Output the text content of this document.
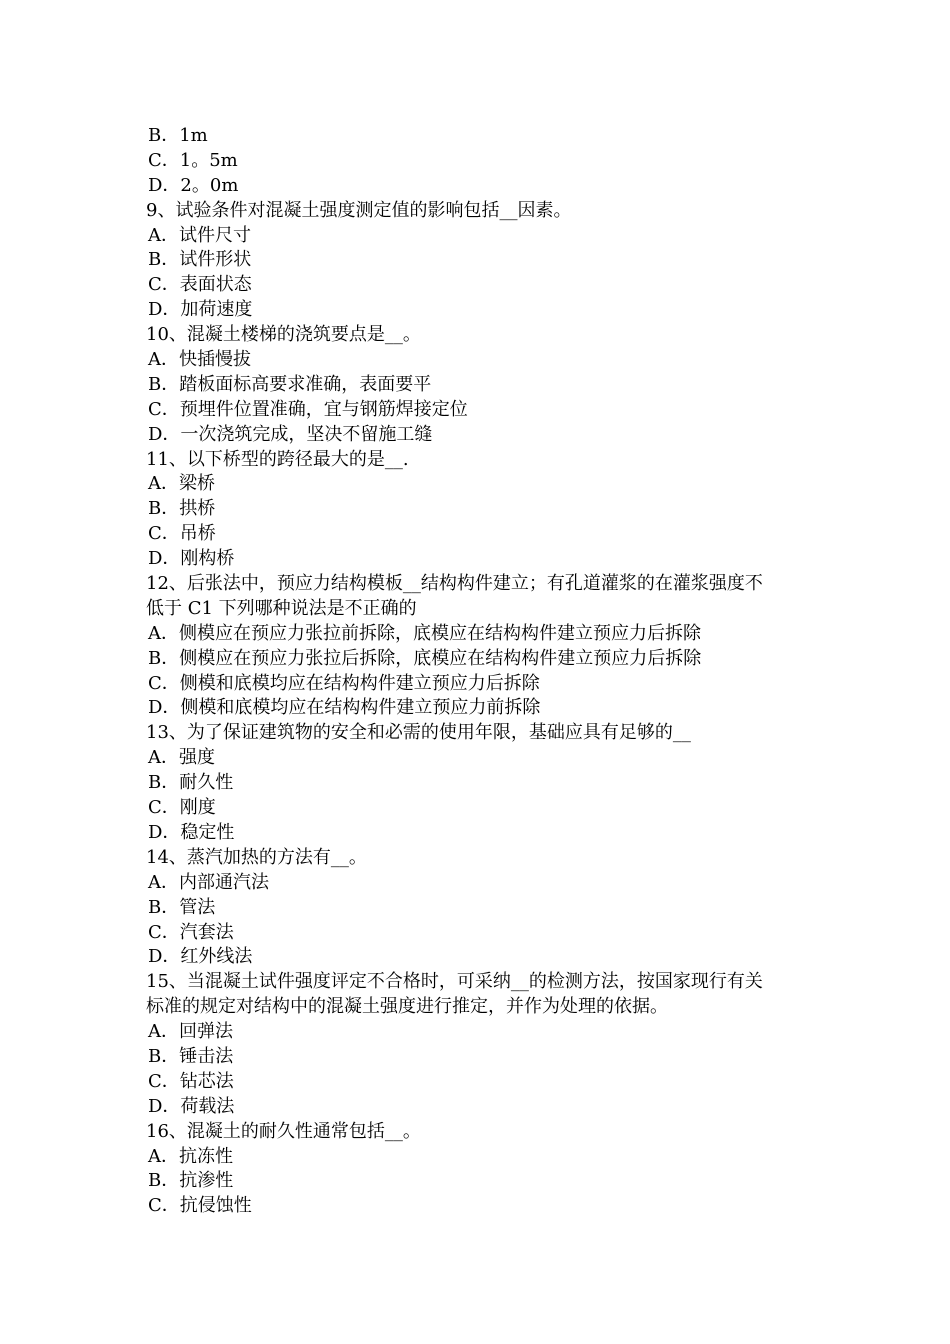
B．1m
C．1。5m
D．2。0m
9、试验条件对混凝土强度测定值的影响包括__因素。
A．试件尺寸
B．试件形状
C．表面状态
D．加荷速度
10、混凝土楼梯的浇筑要点是__。
A．快插慢拔
B．踏板面标高要求准确，表面要平
C．预埋件位置准确，宜与钢筋焊接定位
D．一次浇筑完成，坚决不留施工缝
11、以下桥型的跨径最大的是__.
A．梁桥
B．拱桥
C．吊桥
D．刚构桥
12、后张法中，预应力结构模板__结构构件建立；有孔道灌浆的在灌浆强度不
低于 C1 下列哪种说法是不正确的
A．侧模应在预应力张拉前拆除，底模应在结构构件建立预应力后拆除
B．侧模应在预应力张拉后拆除，底模应在结构构件建立预应力后拆除
C．侧模和底模均应在结构构件建立预应力后拆除
D．侧模和底模均应在结构构件建立预应力前拆除
13、为了保证建筑物的安全和必需的使用年限，基础应具有足够的__
A．强度
B．耐久性
C．刚度
D．稳定性
14、蒸汽加热的方法有__。
A．内部通汽法
B．管法
C．汽套法
D．红外线法
15、当混凝土试件强度评定不合格时，可采纳__的检测方法，按国家现行有关
标准的规定对结构中的混凝土强度进行推定，并作为处理的依据。
A．回弹法
B．锤击法
C．钻芯法
D．荷载法
16、混凝土的耐久性通常包括__。
A．抗冻性
B．抗渗性
C．抗侵蚀性
